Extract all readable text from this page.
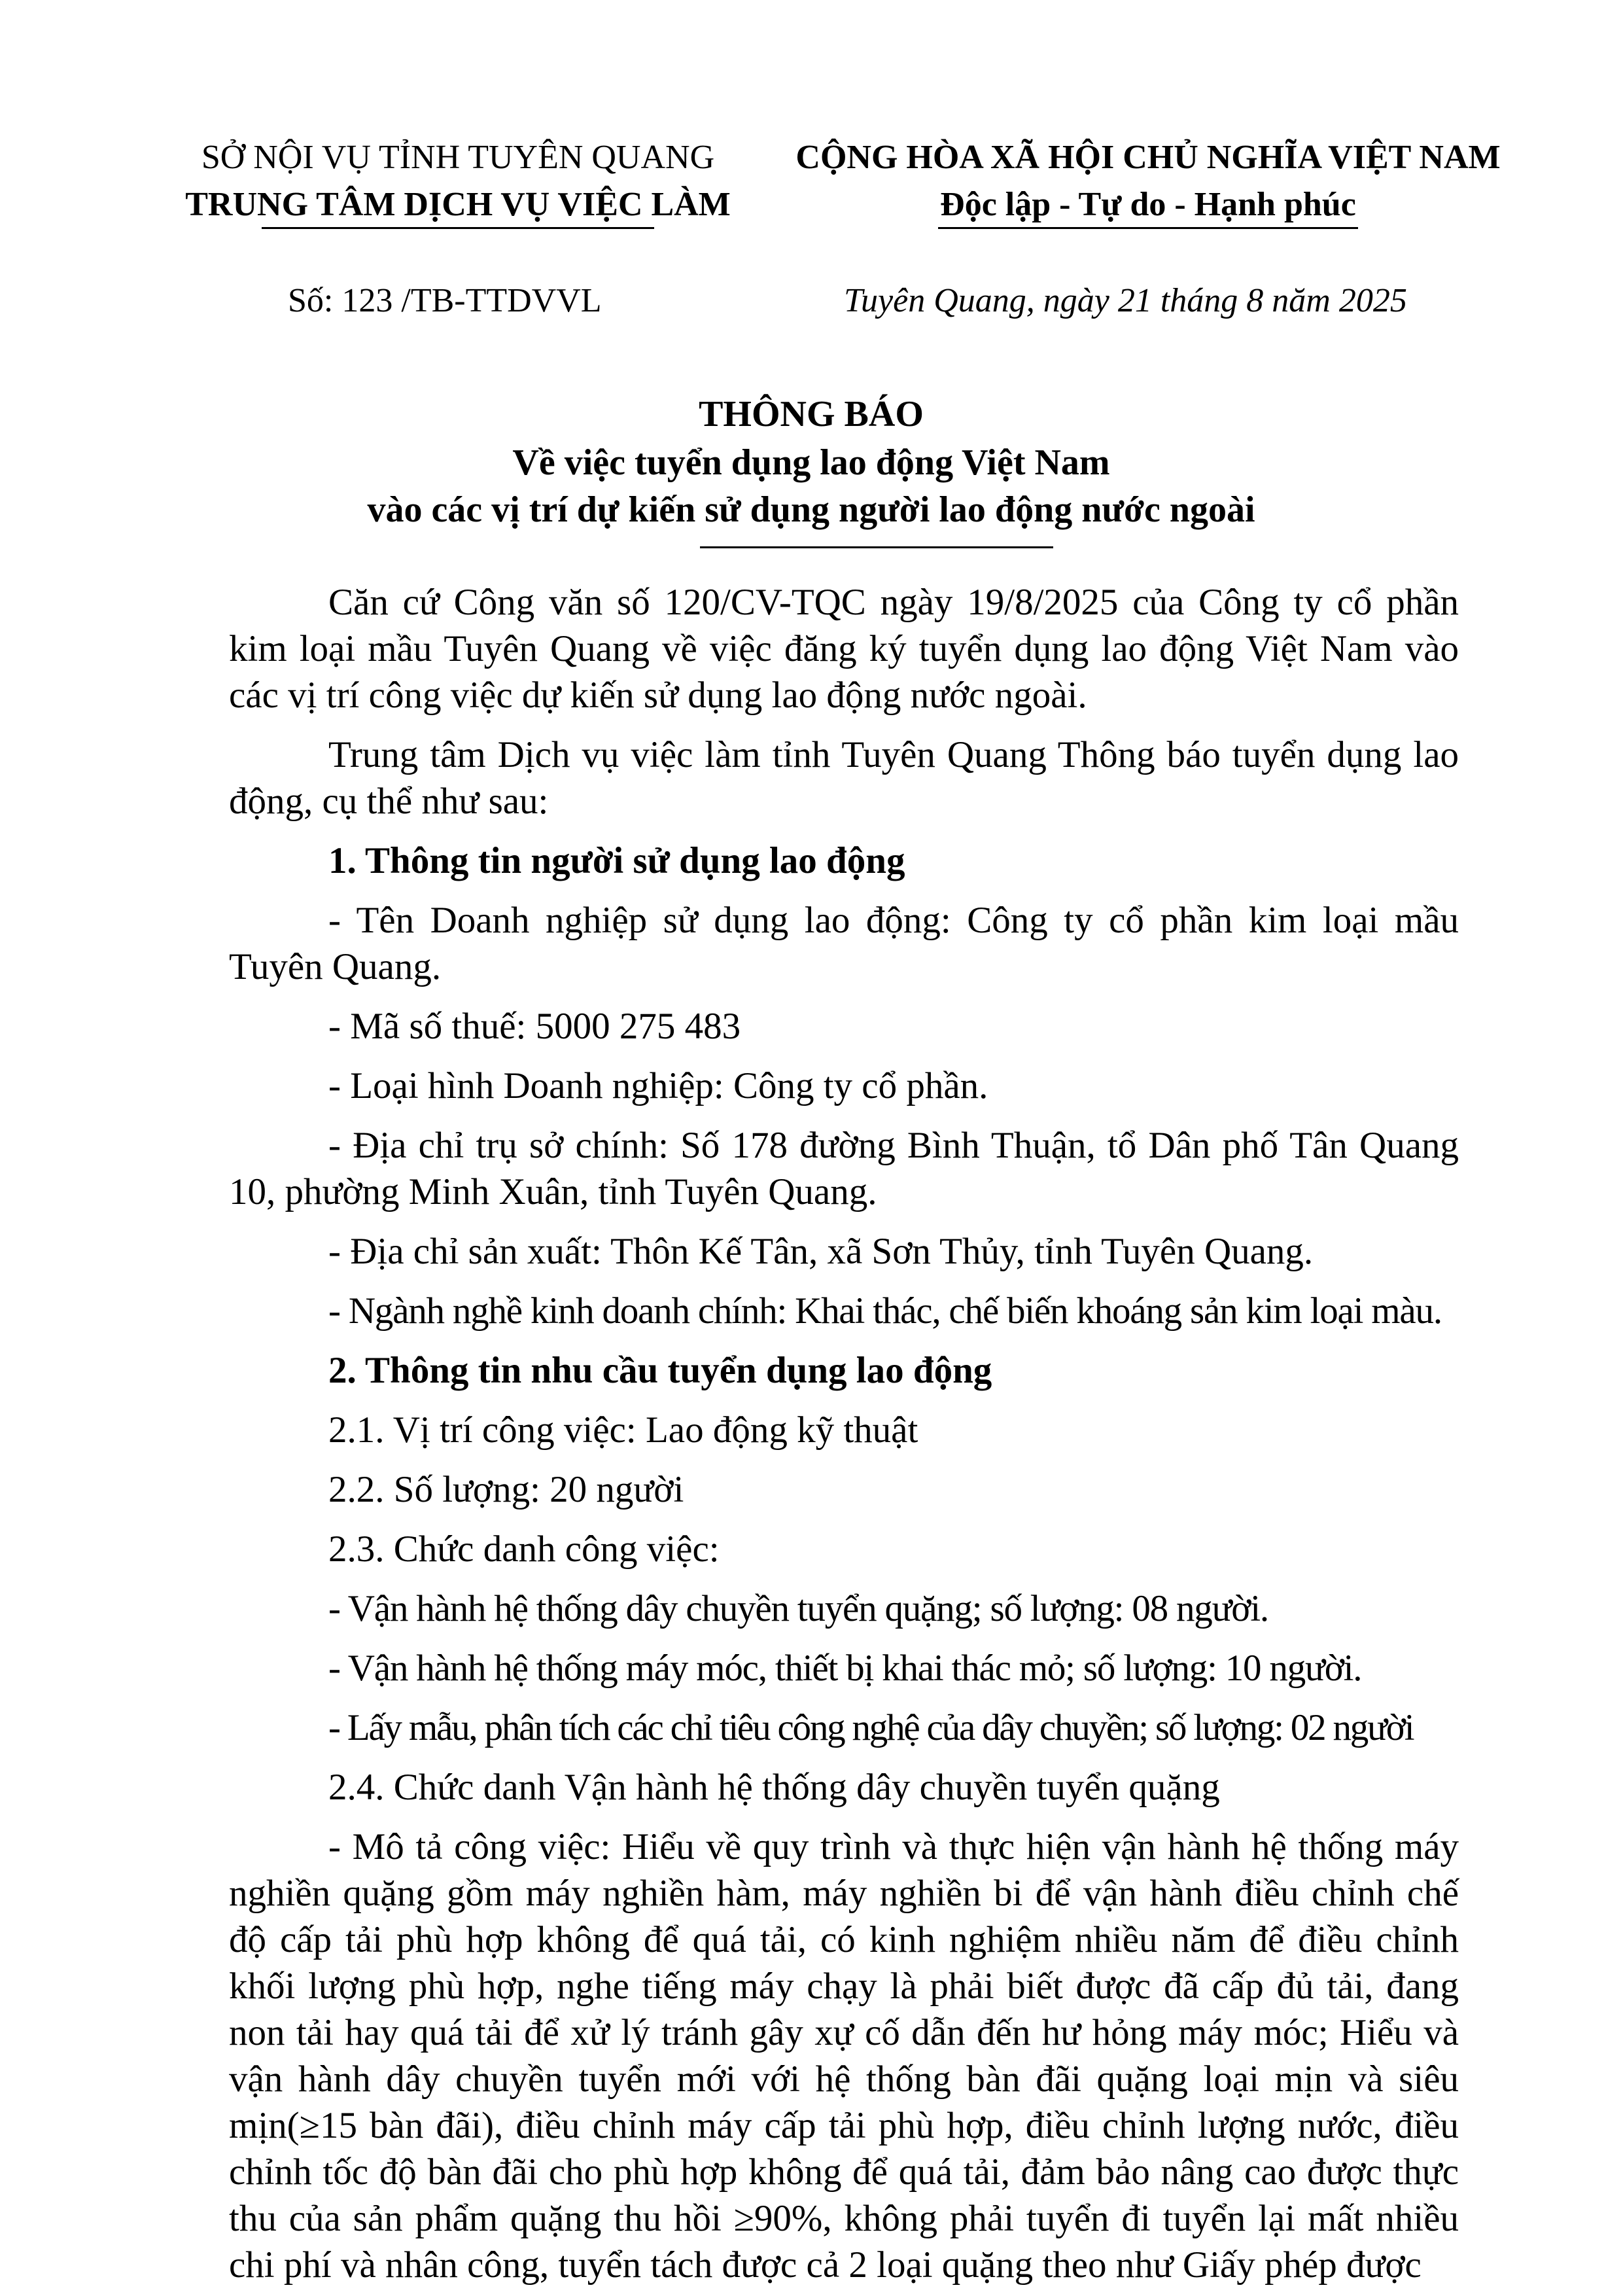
SỞ NỘI VỤ TỈNH TUYÊN QUANG
TRUNG TÂM DỊCH VỤ VIỆC LÀM
CỘNG HÒA XÃ HỘI CHỦ NGHĨA VIỆT NAM
Độc lập - Tự do - Hạnh phúc
Số: 123 /TB-TTDVVL	Tuyên Quang, ngày 21 tháng 8 năm 2025
THÔNG BÁO
Về việc tuyển dụng lao động Việt Nam
vào các vị trí dự kiến sử dụng người lao động nước ngoài

Căn cứ Công văn số 120/CV-TQC ngày 19/8/2025 của Công ty cổ phần kim loại mầu Tuyên Quang về việc đăng ký tuyển dụng lao động Việt Nam vào các vị trí công việc dự kiến sử dụng lao động nước ngoài.

Trung tâm Dịch vụ việc làm tỉnh Tuyên Quang Thông báo tuyển dụng lao động, cụ thể như sau:

1. Thông tin người sử dụng lao động

- Tên Doanh nghiệp sử dụng lao động: Công ty cổ phần kim loại mầu Tuyên Quang.

- Mã số thuế: 5000 275 483

- Loại hình Doanh nghiệp: Công ty cổ phần.

- Địa chỉ trụ sở chính: Số 178 đường Bình Thuận, tổ Dân phố Tân Quang 10, phường Minh Xuân, tỉnh Tuyên Quang.

- Địa chỉ sản xuất: Thôn Kế Tân, xã Sơn Thủy, tỉnh Tuyên Quang.

- Ngành nghề kinh doanh chính: Khai thác, chế biến khoáng sản kim loại màu.

2. Thông tin nhu cầu tuyển dụng lao động

2.1. Vị trí công việc: Lao động kỹ thuật

2.2. Số lượng: 20 người

2.3. Chức danh công việc:

- Vận hành hệ thống dây chuyền tuyển quặng; số lượng: 08 người.

- Vận hành hệ thống máy móc, thiết bị khai thác mỏ; số lượng: 10 người.

- Lấy mẫu, phân tích các chỉ tiêu công nghệ của dây chuyền; số lượng: 02 người

2.4. Chức danh Vận hành hệ thống dây chuyền tuyển quặng

- Mô tả công việc: Hiểu về quy trình và thực hiện vận hành hệ thống máy nghiền quặng gồm máy nghiền hàm, máy nghiền bi để vận hành điều chỉnh chế độ cấp tải phù hợp không để quá tải, có kinh nghiệm nhiều năm để điều chỉnh khối lượng phù hợp, nghe tiếng máy chạy là phải biết được đã cấp đủ tải, đang non tải hay quá tải để xử lý tránh gây xự cố dẫn đến hư hỏng máy móc; Hiểu và vận hành dây chuyền tuyển mới với hệ thống bàn đãi quặng loại mịn và siêu mịn(≥15 bàn đãi), điều chỉnh máy cấp tải phù hợp, điều chỉnh lượng nước, điều chỉnh tốc độ bàn đãi cho phù hợp không để quá tải, đảm bảo nâng cao được thực thu của sản phẩm quặng thu hồi ≥90%, không phải tuyển đi tuyển lại mất nhiều chi phí và nhân công, tuyển tách được cả 2 loại quặng theo như Giấy phép được
